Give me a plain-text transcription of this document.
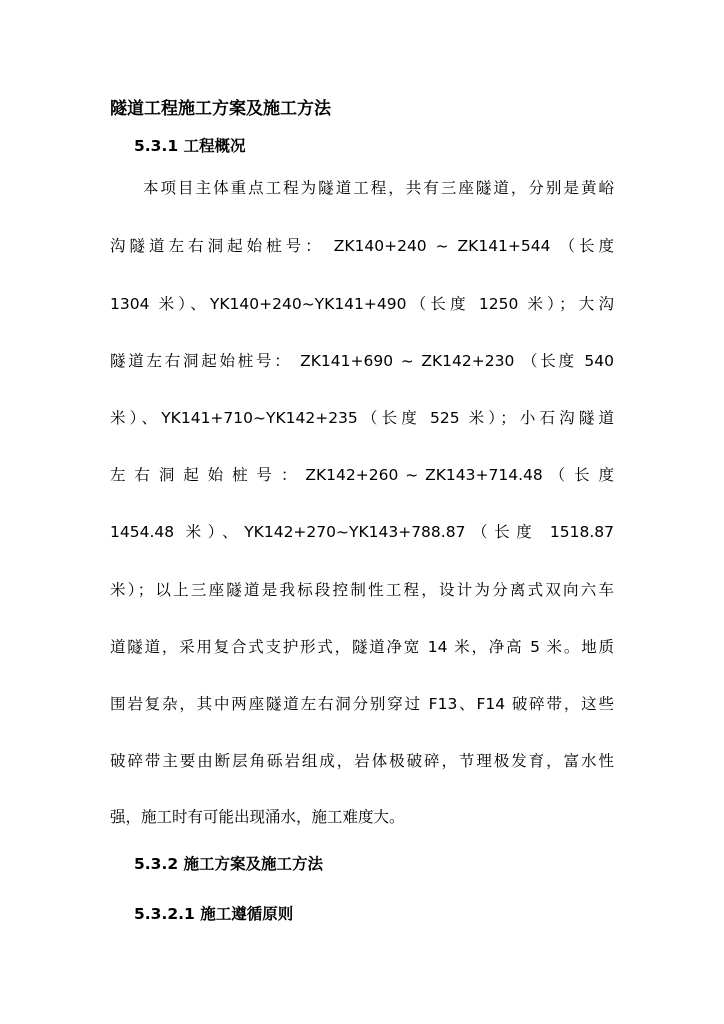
隧道工程施工方案及施工方法
5.3.1 工程概况
本项目主体重点工程为隧道工程，共有三座隧道，分别是黄峪
沟隧道左右洞起始桩号： ZK140+240 ~ ZK141+544 （长度
1304 米）、YK140+240~YK141+490（长度 1250 米）；大沟
隧道左右洞起始桩号： ZK141+690 ~ ZK142+230 （长度 540
米）、YK141+710~YK142+235（长度 525 米）；小石沟隧道
左 右 洞 起 始 桩 号 ： ZK142+260 ~ ZK143+714.48 （ 长 度
1454.48 米）、YK142+270~YK143+788.87（长度 1518.87
米）；以上三座隧道是我标段控制性工程，设计为分离式双向六车
道隧道，采用复合式支护形式，隧道净宽 14 米，净高 5 米。地质
围岩复杂，其中两座隧道左右洞分别穿过 F13、F14 破碎带，这些
破碎带主要由断层角砾岩组成，岩体极破碎，节理极发育，富水性
强，施工时有可能出现涌水，施工难度大。
5.3.2 施工方案及施工方法
5.3.2.1 施工遵循原则
